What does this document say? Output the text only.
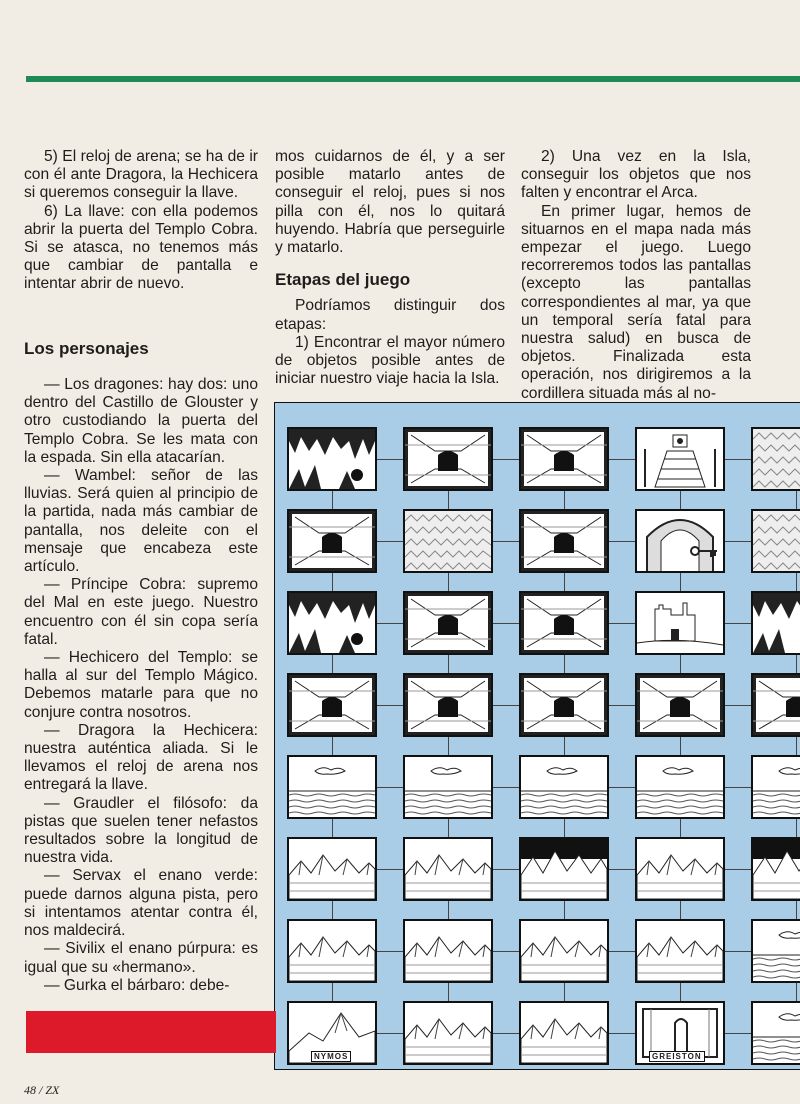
5) El reloj de arena; se ha de ir con él ante Dragora, la Hechicera si queremos conseguir la llave.

6) La llave: con ella podemos abrir la puerta del Templo Cobra. Si se atasca, no tenemos más que cambiar de pantalla e intentar abrir de nuevo.

Los personajes

— Los dragones: hay dos: uno dentro del Castillo de Glouster y otro custodiando la puerta del Templo Cobra. Se les mata con la espada. Sin ella atacarían.

— Wambel: señor de las lluvias. Será quien al principio de la partida, nada más cambiar de pantalla, nos deleite con el mensaje que encabeza este artículo.

— Príncipe Cobra: supremo del Mal en este juego. Nuestro encuentro con él sin copa sería fatal.

— Hechicero del Templo: se halla al sur del Templo Mágico. Debemos matarle para que no conjure contra nosotros.

— Dragora la Hechicera: nuestra auténtica aliada. Si le llevamos el reloj de arena nos entregará la llave.

— Graudler el filósofo: da pistas que suelen tener nefastos resultados sobre la longitud de nuestra vida.

— Servax el enano verde: puede darnos alguna pista, pero si intentamos atentar contra él, nos maldecirá.

— Sivilix el enano púrpura: es igual que su «hermano».

— Gurka el bárbaro: debe-

mos cuidarnos de él, y a ser posible matarlo antes de conseguir el reloj, pues si nos pilla con él, nos lo quitará huyendo. Habría que perseguirle y matarlo.

Etapas del juego

Podríamos distinguir dos etapas:

1) Encontrar el mayor número de objetos posible antes de iniciar nuestro viaje hacia la Isla.

2) Una vez en la Isla, conseguir los objetos que nos falten y encontrar el Arca.

En primer lugar, hemos de situarnos en el mapa nada más empezar el juego. Luego recorreremos todos las pantallas (excepto las pantallas correspondientes al mar, ya que un temporal sería fatal para nuestra salud) en busca de objetos. Finalizada esta operación, nos dirigiremos a la cordillera situada más al no-

NYMOS	GREISTON
48 / ZX
